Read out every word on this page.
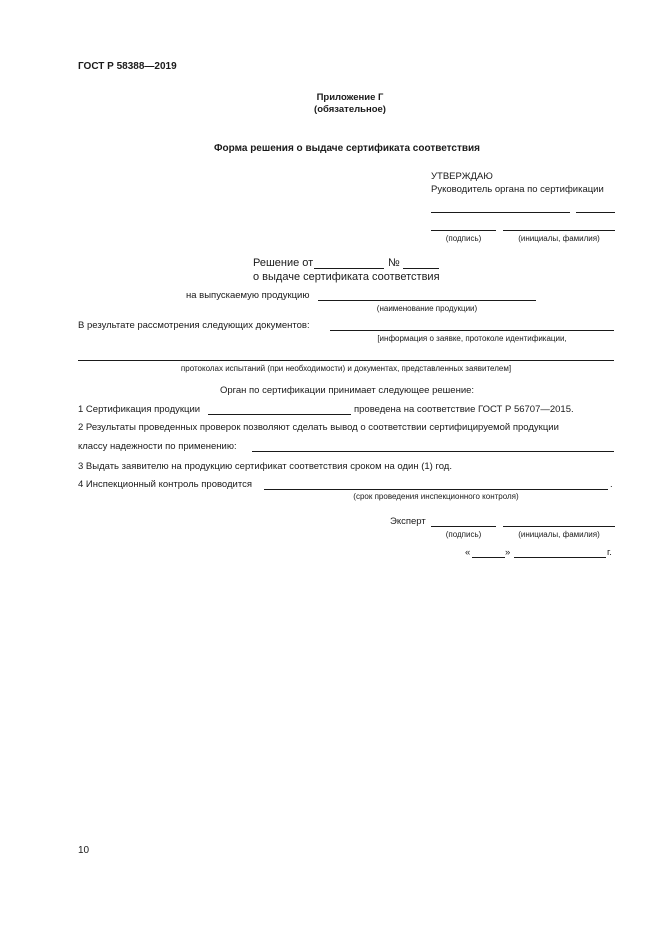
ГОСТ Р 58388—2019
Приложение Г
(обязательное)
Форма решения о выдаче сертификата соответствия
УТВЕРЖДАЮ
Руководитель органа по сертификации
(подпись)	(инициалы, фамилия)
Решение от	№
о выдаче сертификата соответствия
на выпускаемую продукцию
(наименование продукции)
В результате рассмотрения следующих документов:
[информация о заявке, протоколе идентификации,
протоколах испытаний (при необходимости) и документах, представленных заявителем]
Орган по сертификации принимает следующее решение:
1 Сертификация продукции	проведена на соответствие ГОСТ Р 56707—2015.
2 Результаты проведенных проверок позволяют сделать вывод о соответствии сертифицируемой продукции
классу надежности по применению:
3 Выдать заявителю на продукцию сертификат соответствия сроком на один (1) год.
4 Инспекционный контроль проводится	.
(срок проведения инспекционного контроля)
Эксперт
(подпись)	(инициалы, фамилия)
«	»	г.
10
